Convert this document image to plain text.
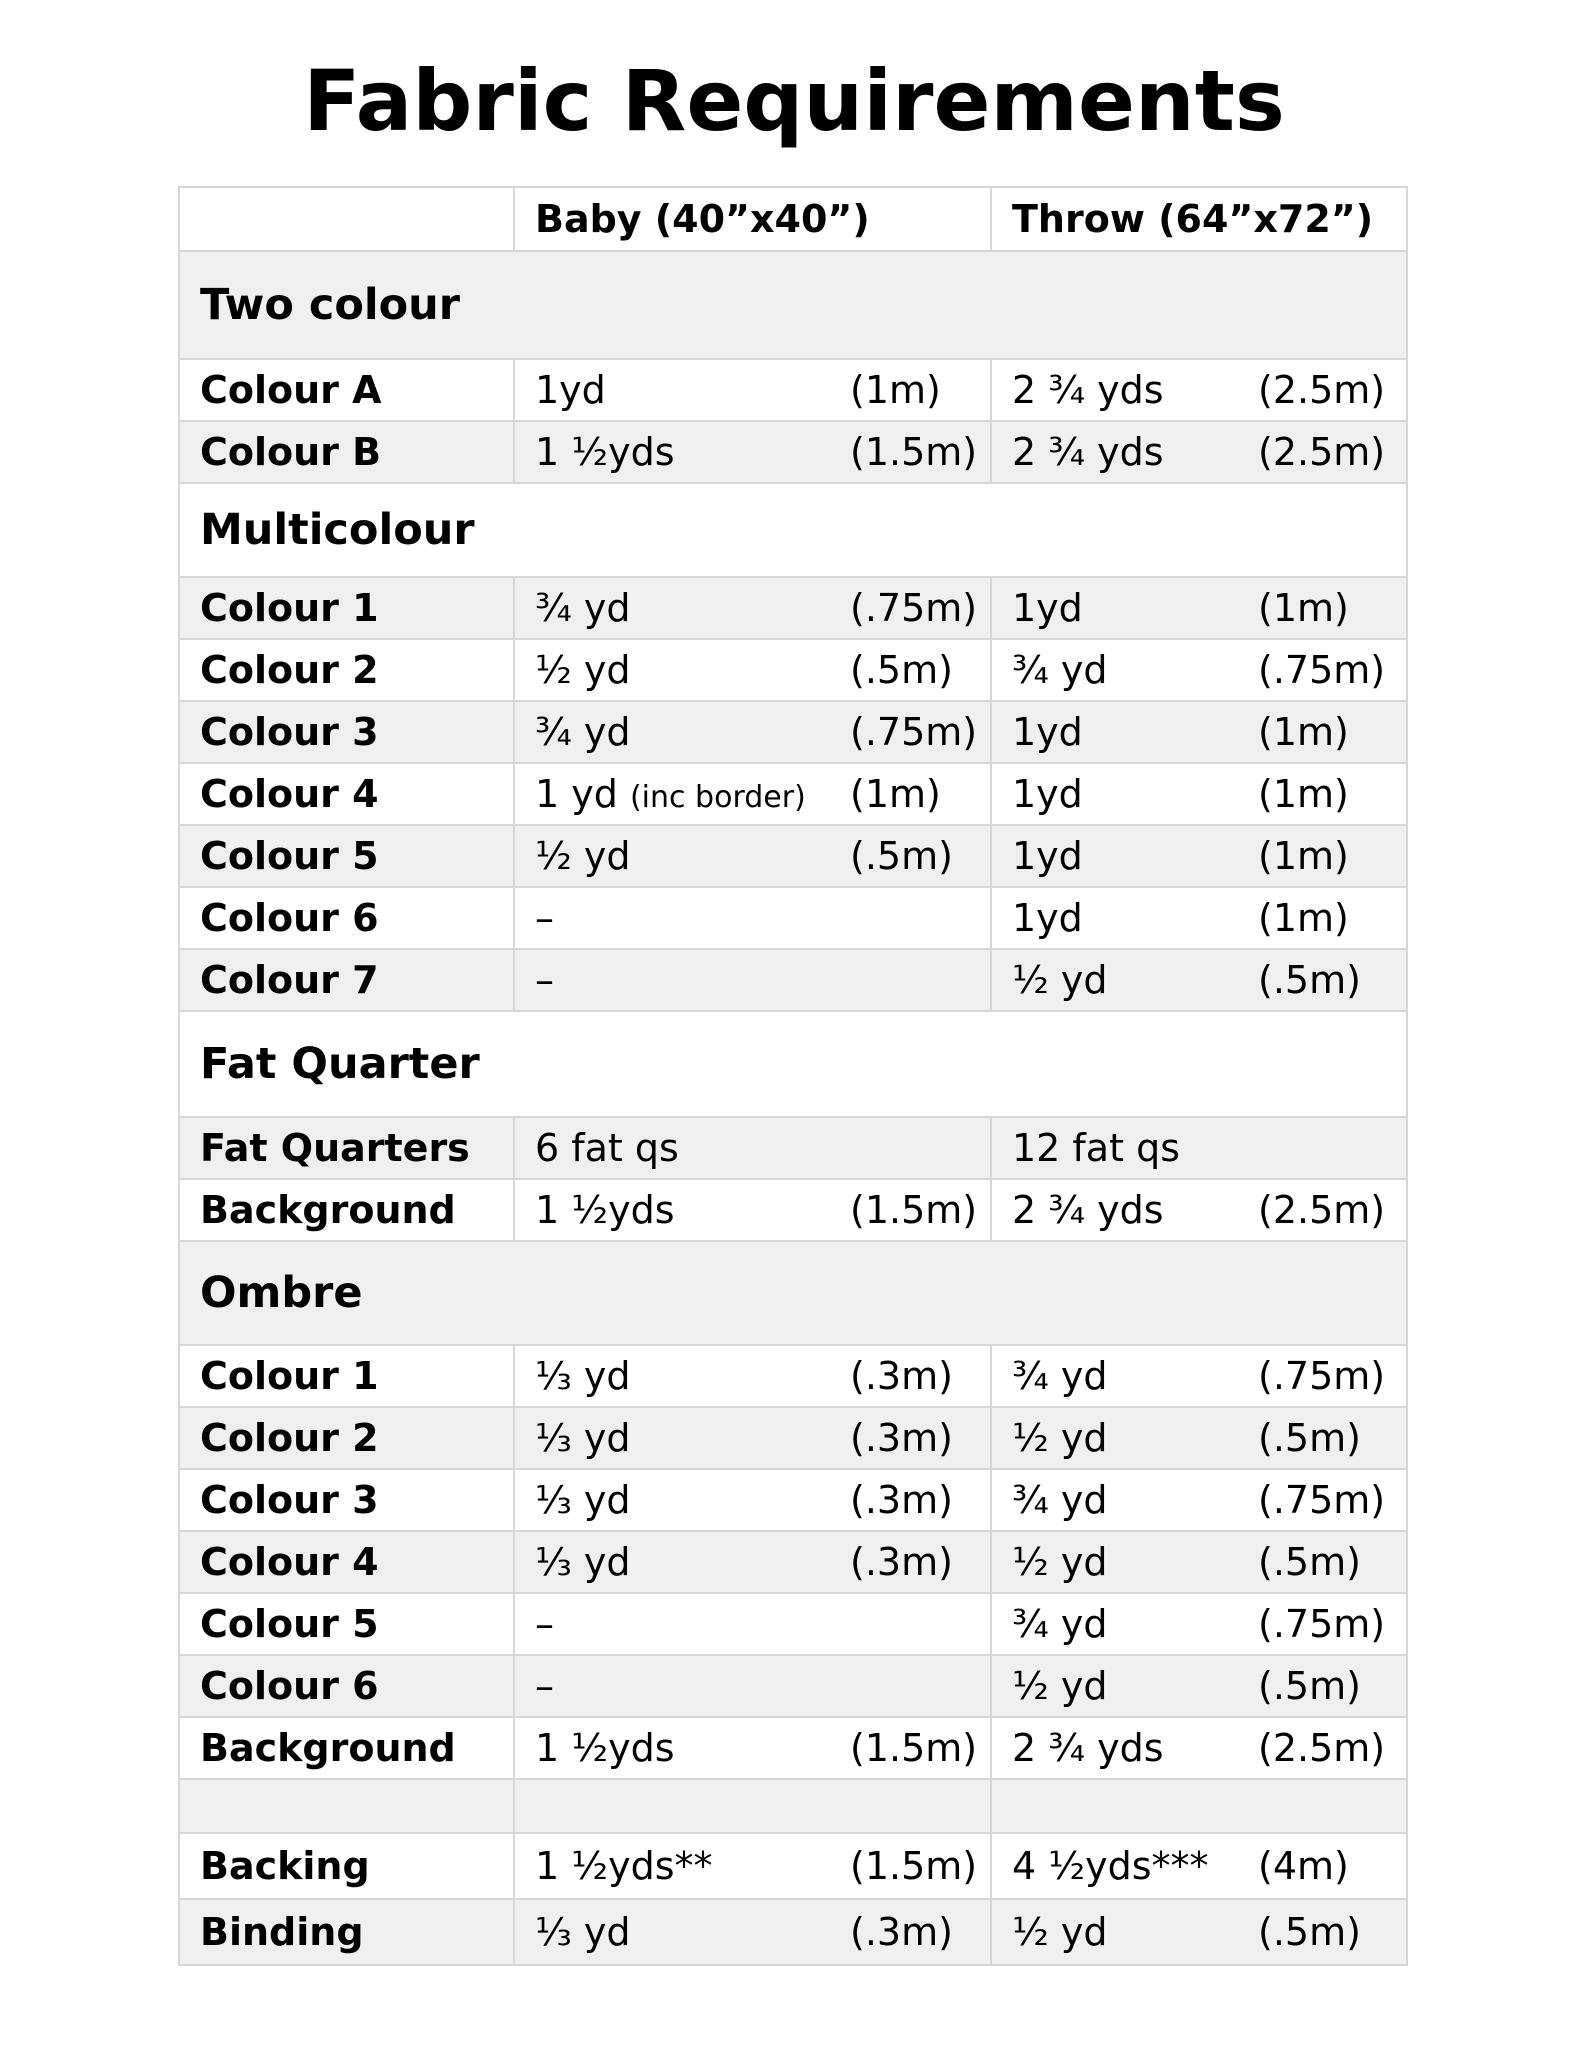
Fabric Requirements
	Baby (40”x40”)	Throw (64”x72”)
Two colour		
Colour A	1yd (1m)	2 ¾ yds (2.5m)

Colour B	1 ½yds (1.5m)	2 ¾ yds (2.5m)

Multicolour		
Colour 1	¾ yd (.75m)	1yd (1m)

Colour 2	½ yd (.5m)	¾ yd (.75m)

Colour 3	¾ yd (.75m)	1yd (1m)

Colour 4	1 yd (inc border) (1m)	1yd (1m)

Colour 5	½ yd (.5m)	1yd (1m)

Colour 6	–	1yd (1m)

Colour 7	–	½ yd (.5m)

Fat Quarter		
Fat Quarters	6 fat qs	12 fat qs

Background	1 ½yds (1.5m)	2 ¾ yds (2.5m)

Ombre		
Colour 1	⅓ yd (.3m)	¾ yd (.75m)

Colour 2	⅓ yd (.3m)	½ yd (.5m)

Colour 3	⅓ yd (.3m)	¾ yd (.75m)

Colour 4	⅓ yd (.3m)	½ yd (.5m)

Colour 5	–	¾ yd (.75m)

Colour 6	–	½ yd (.5m)

Background	1 ½yds (1.5m)	2 ¾ yds (2.5m)

Backing	1 ½yds** (1.5m)	4 ½yds*** (4m)

Binding	⅓ yd (.3m)	½ yd (.5m)
